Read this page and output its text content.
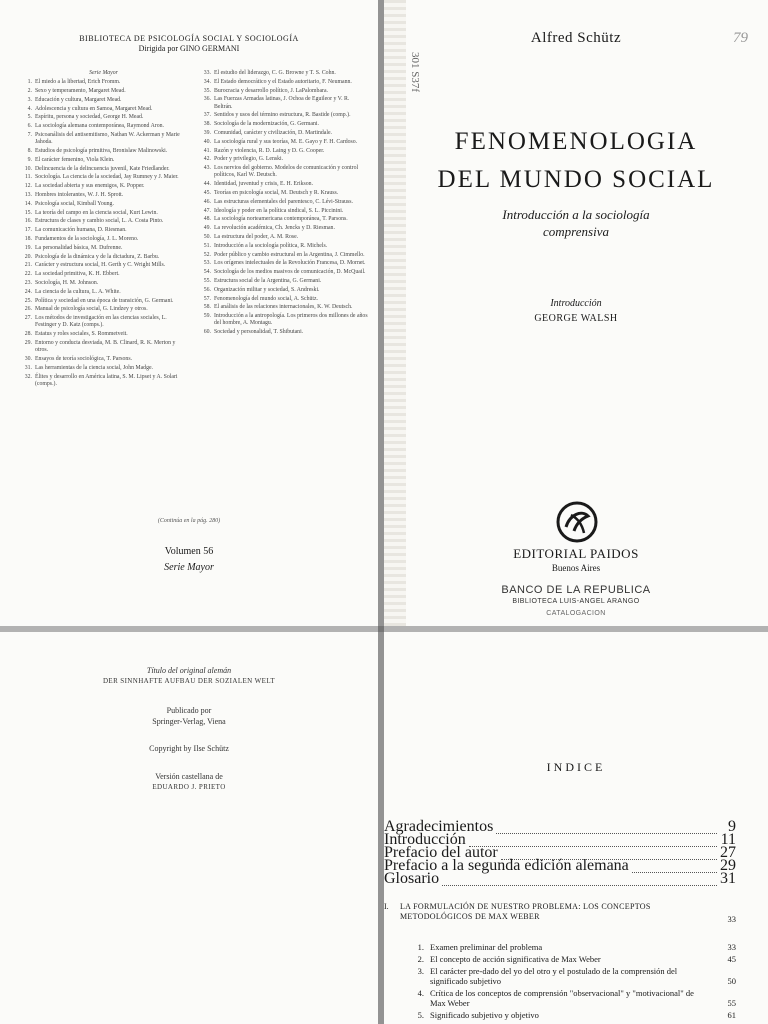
BIBLIOTECA DE PSICOLOGÍA SOCIAL Y SOCIOLOGÍA
Dirigida por GINO GERMANI
Serie Mayor
1. El miedo a la libertad, Erich Fromm.
2. Sexo y temperamento, Margaret Mead.
3. Educación y cultura, Margaret Mead.
4. Adolescencia y cultura en Samoa, Margaret Mead.
5. Espíritu, persona y sociedad, George H. Mead.
6. La sociología alemana contemporánea, Raymond Aron.
7. Psicoanálisis del antisemitismo, Nathan W. Ackerman y Marie Jahoda.
8. Estudios de psicología primitiva, Bronislaw Malinowski.
9. El carácter femenino, Viola Klein.
10. Delincuencia de la delincuencia juvenil, Kate Friedlander.
11. Sociología. La ciencia de la sociedad, Jay Rumney y J. Maier.
12. La sociedad abierta y sus enemigos, K. Popper.
13. Hombres intolerantes, W. J. H. Sprott.
14. Psicología social, Kimball Young.
15. La teoría del campo en la ciencia social, Kurt Lewin.
16. Estructura de clases y cambio social, L. A. Costa Pinto.
17. La comunicación humana, D. Riesman.
18. Fundamentos de la sociología, J. L. Moreno.
19. La personalidad básica, M. Dufrenne.
20. Psicología de la dinámica y de la dictadura, Z. Barbu.
21. Carácter y estructura social, H. Gerth y C. Wright Mills.
22. La sociedad primitiva, K. H. Ebbert.
23. Sociología, H. M. Johnson.
24. La ciencia de la cultura, L. A. White.
25. Política y sociedad en una época de transición, G. Germani.
26. Manual de psicología social, G. Lindzey y otros.
27. Los métodos de investigación en las ciencias sociales, L. Festinger y D. Katz (comps.).
28. Estatus y roles sociales, S. Rommetveit.
29. Entorno y conducta desviada, M. B. Clinard, R. K. Merton y otros.
30. Ensayos de teoría sociológica, T. Parsons.
31. Las herramientas de la ciencia social, John Madge.
32. Élites y desarrollo en América latina, S. M. Lipset y A. Solari (comps.).
33. El estudio del liderazgo, C. G. Browne y T. S. Cohn.
34. El Estado democrático y el Estado autoritario, F. Neumann.
35. Burocracia y desarrollo político, J. LaPalombara.
36. Las Fuerzas Armadas latinas, J. Ochoa de Eguileor y V. R. Beltrán.
37. Sentidos y usos del término estructura, R. Bastide (comp.).
38. Sociología de la modernización, G. Germani.
39. Comunidad, carácter y civilización, D. Martindale.
40. La sociología rural y sus teorías, M. E. Gayo y F. H. Cardoso.
41. Razón y violencia, R. D. Laing y D. G. Cooper.
42. Poder y privilegio, G. Lenski.
43. Los nervios del gobierno. Modelos de comunicación y control políticos, Karl W. Deutsch.
44. Identidad, juventud y crisis, E. H. Erikson.
45. Teorías en psicología social, M. Deutsch y R. Krauss.
46. Las estructuras elementales del parentesco, C. Lévi-Strauss.
47. Ideología y poder en la política sindical, S. L. Piccinini.
48. La sociología norteamericana contemporánea, T. Parsons.
49. La revolución académica, Ch. Jencks y D. Riesman.
50. La estructura del poder, A. M. Rose.
51. Introducción a la sociología política, R. Michels.
52. Poder público y cambio estructural en la Argentina, J. Cimmello.
53. Los orígenes intelectuales de la Revolución Francesa, D. Mornet.
54. Sociología de los medios masivos de comunicación, D. McQuail.
55. Estructura social de la Argentina, G. Germani.
56. Organización militar y sociedad, S. Andreski.
57. Fenomenología del mundo social, A. Schütz.
58. El análisis de las relaciones internacionales, K. W. Deutsch.
59. Introducción a la antropología. Los primeros dos millones de años del hombre, A. Montagu.
60. Sociedad y personalidad, T. Shibutani.
(Continúa en la pág. 280)
Volumen 56
Serie Mayor
301 S37f
Alfred Schütz	79
FENOMENOLOGIA
DEL MUNDO SOCIAL
Introducción a la sociología
comprensiva
Introducción
GEORGE WALSH
EDITORIAL PAIDOS
Buenos Aires
BANCO DE LA REPUBLICA
BIBLIOTECA LUIS-ANGEL ARANGO
CATALOGACION
Título del original alemán
DER SINNHAFTE AUFBAU DER SOZIALEN WELT
Publicado por
Springer-Verlag, Viena
Copyright by Ilse Schütz
Versión castellana de
EDUARDO J. PRIETO
INDICE
Agradecimientos	9
Introducción	11
Prefacio del autor	27
Prefacio a la segunda edición alemana	29
Glosario	31
I. LA FORMULACIÓN DE NUESTRO PROBLEMA: LOS CONCEPTOS METODOLÓGICOS DE MAX WEBER	33
1. Examen preliminar del problema	33
2. El concepto de acción significativa de Max Weber	45
3. El carácter pre-dado del yo del otro y el postulado de la comprensión del significado subjetivo	50
4. Crítica de los conceptos de comprensión "observacional" y "motivacional" de Max Weber	55
5. Significado subjetivo y objetivo	61
